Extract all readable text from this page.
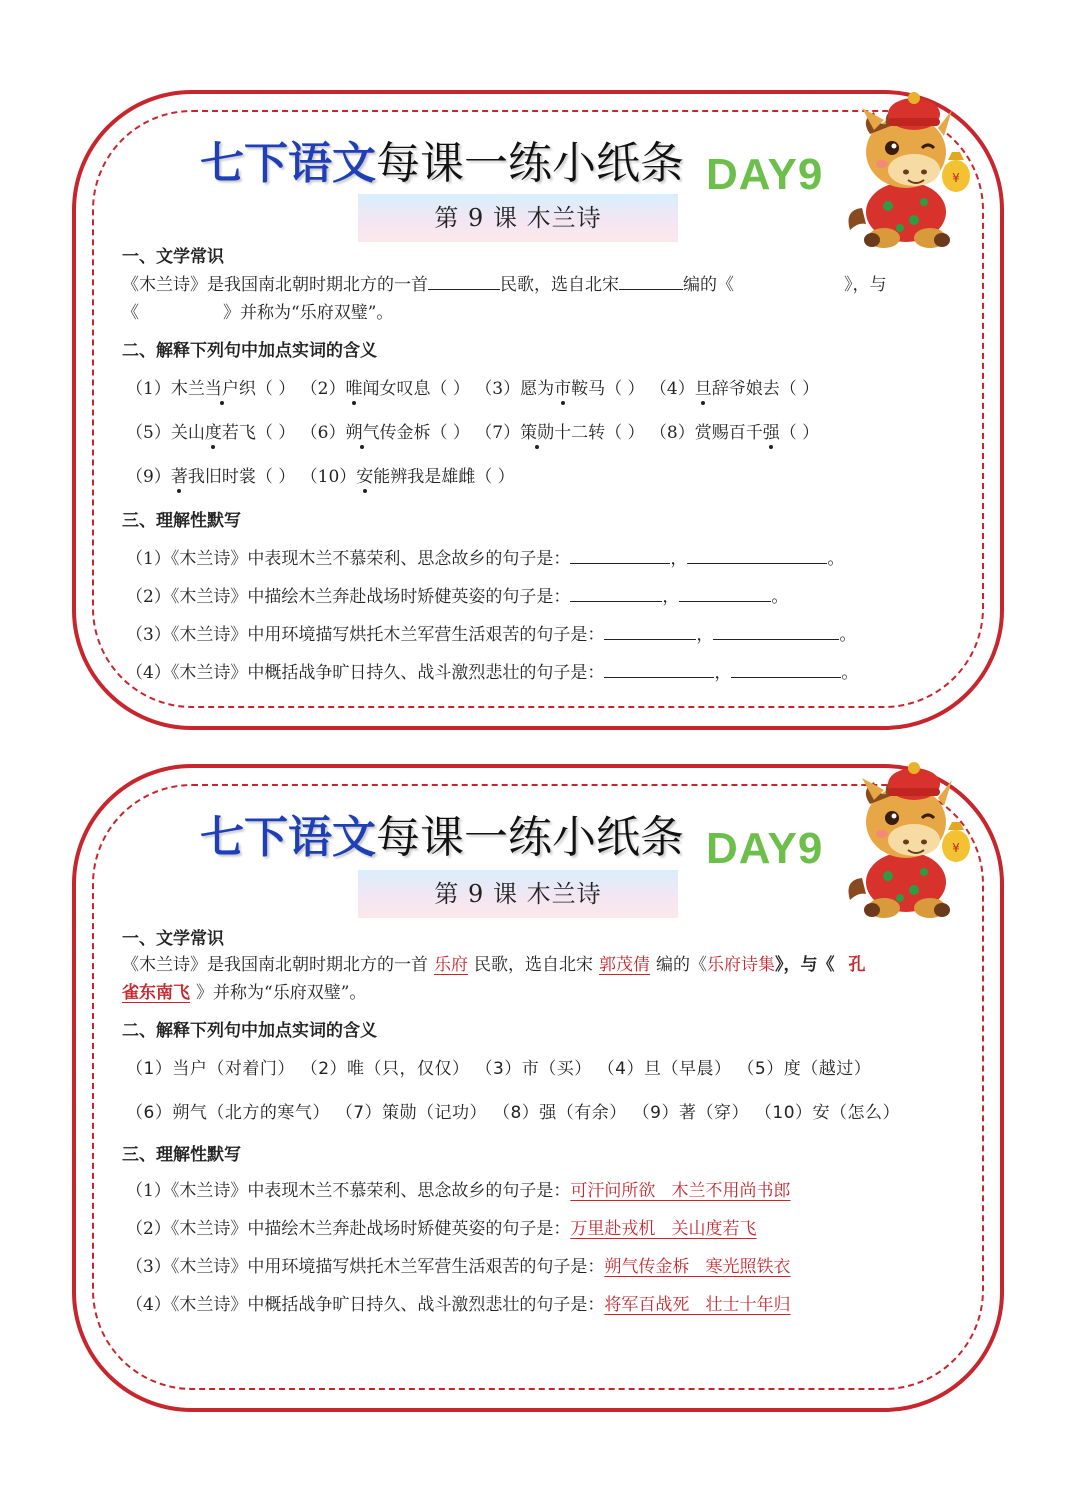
七下语文每课一练小纸条 DAY9
第 9 课 木兰诗
一、文学常识
《木兰诗》是我国南北朝时期北方的一首	民歌，选自北宋	编的《	》，与
《	》并称为“乐府双璧”。
二、解释下列句中加点实词的含义
（1）木兰当户织（ ） （2）唯闻女叹息（ ） （3）愿为市鞍马（ ） （4）旦辞爷娘去（ ）
（5）关山度若飞（ ） （6）朔气传金柝（ ） （7）策勋十二转（ ） （8）赏赐百千强（ ）
（9）著我旧时裳（ ） （10）安能辨我是雄雌（ ）
三、理解性默写
（1）《木兰诗》中表现木兰不慕荣利、思念故乡的句子是：	，	。
（2）《木兰诗》中描绘木兰奔赴战场时矫健英姿的句子是：	，	。
（3）《木兰诗》中用环境描写烘托木兰军营生活艰苦的句子是：	，	。
（4）《木兰诗》中概括战争旷日持久、战斗激烈悲壮的句子是：	，	。
七下语文每课一练小纸条 DAY9
第 9 课 木兰诗
一、文学常识
《木兰诗》是我国南北朝时期北方的一首 乐府 民歌，选自北宋 郭茂倩 编的《乐府诗集》，与《 孔
雀东南飞 》并称为“乐府双璧”。
二、解释下列句中加点实词的含义
（1）当户（对着门） （2）唯（只，仅仅） （3）市（买） （4）旦（早晨） （5）度（越过）
（6）朔气（北方的寒气） （7）策勋（记功） （8）强（有余） （9）著（穿） （10）安（怎么）
三、理解性默写
（1）《木兰诗》中表现木兰不慕荣利、思念故乡的句子是：可汗问所欲   木兰不用尚书郎
（2）《木兰诗》中描绘木兰奔赴战场时矫健英姿的句子是：万里赴戎机   关山度若飞
（3）《木兰诗》中用环境描写烘托木兰军营生活艰苦的句子是：朔气传金柝   寒光照铁衣
（4）《木兰诗》中概括战争旷日持久、战斗激烈悲壮的句子是：将军百战死   壮士十年归
